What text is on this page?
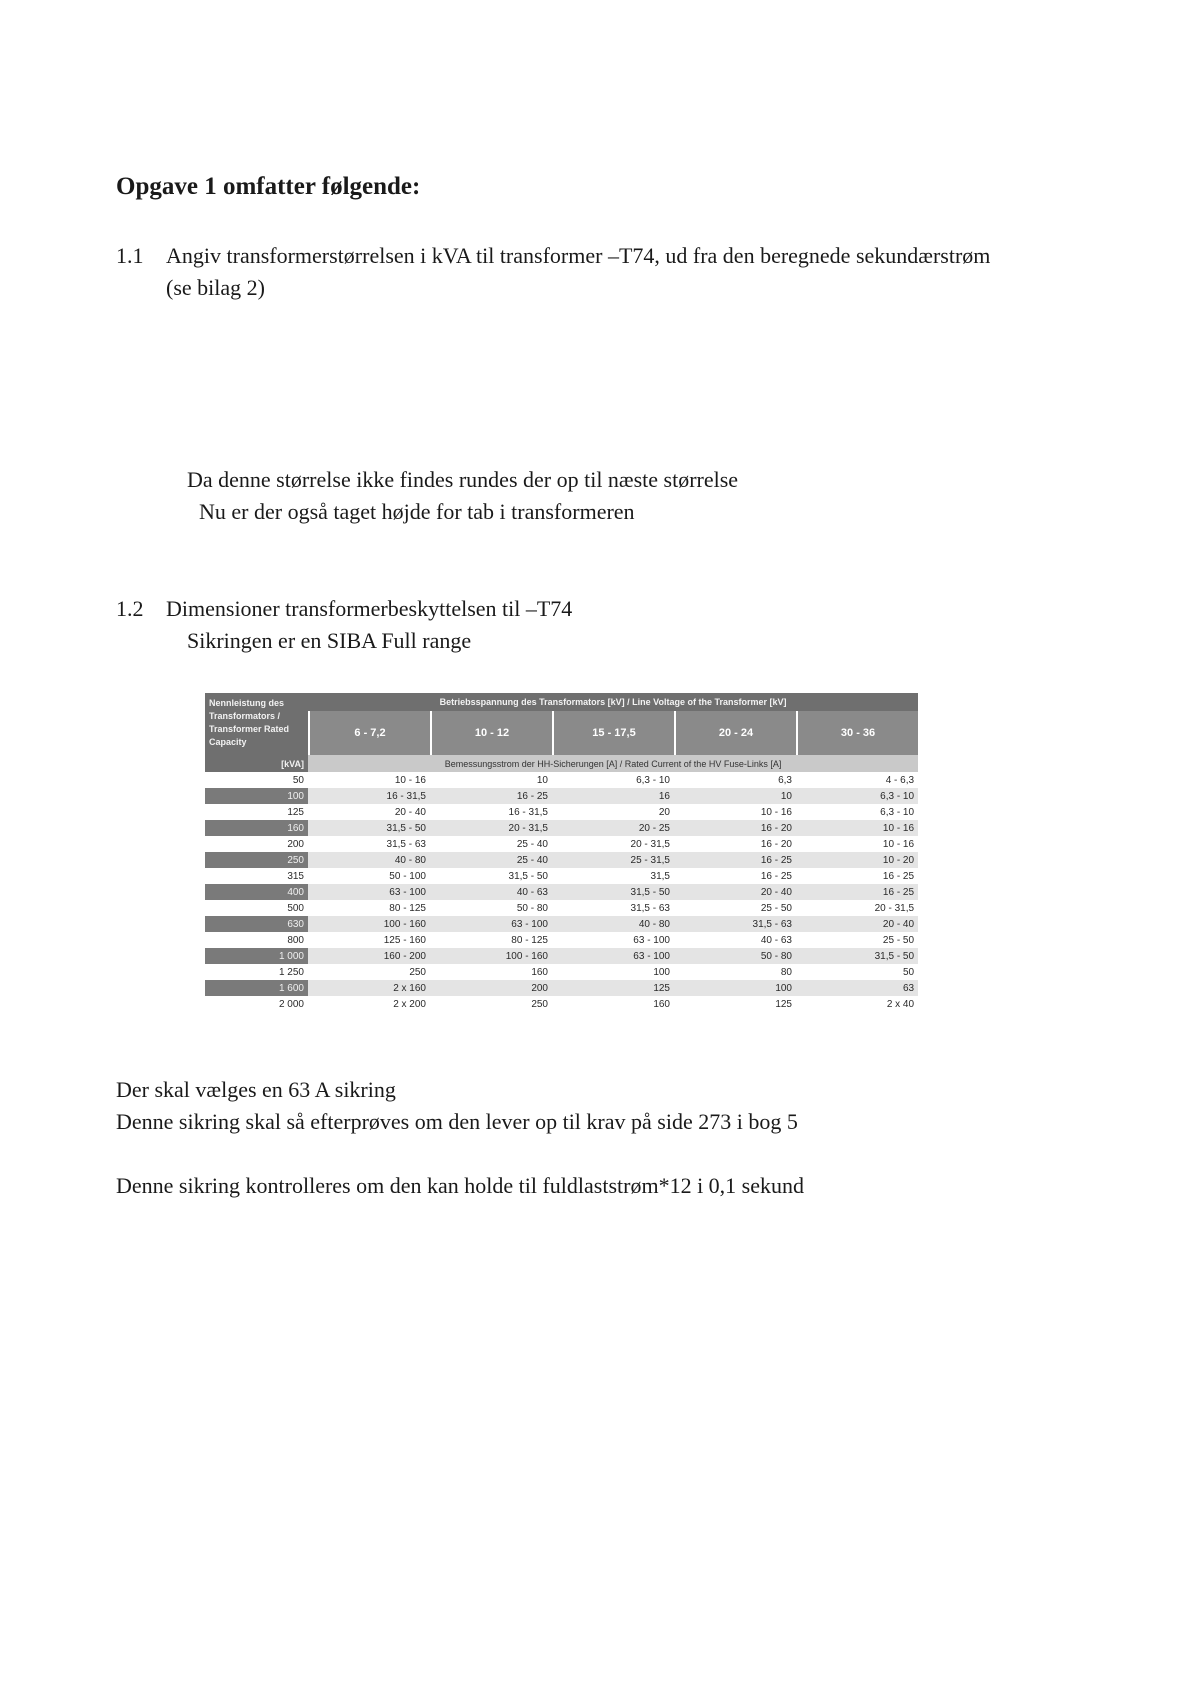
Opgave 1 omfatter følgende:
1.1 Angiv transformerstørrelsen i kVA til transformer –T74, ud fra den beregnede sekundærstrøm
(se bilag 2)
Da denne størrelse ikke findes rundes der op til næste størrelse
Nu er der også taget højde for tab i transformeren
1.2 Dimensioner transformerbeskyttelsen til –T74
Sikringen er en SIBA Full range
Nennleistung des Transformators / Transformer Rated Capacity	Betriebsspannung des Transformators [kV] / Line Voltage of the Transformer [kV]				
	6 - 7,2	10 - 12	15 - 17,5	20 - 24	30 - 36
[kVA]	Bemessungsstrom der HH-Sicherungen [A] / Rated Current of the HV Fuse-Links [A]				
50	10 - 16	10	6,3 - 10	6,3	4 - 6,3
100	16 - 31,5	16 - 25	16	10	6,3 - 10
125	20 - 40	16 - 31,5	20	10 - 16	6,3 - 10
160	31,5 - 50	20 - 31,5	20 - 25	16 - 20	10 - 16
200	31,5 - 63	25 - 40	20 - 31,5	16 - 20	10 - 16
250	40 - 80	25 - 40	25 - 31,5	16 - 25	10 - 20
315	50 - 100	31,5 - 50	31,5	16 - 25	16 - 25
400	63 - 100	40 - 63	31,5 - 50	20 - 40	16 - 25
500	80 - 125	50 - 80	31,5 - 63	25 - 50	20 - 31,5
630	100 - 160	63 - 100	40 - 80	31,5 - 63	20 - 40
800	125 - 160	80 - 125	63 - 100	40 - 63	25 - 50
1 000	160 - 200	100 - 160	63 - 100	50 - 80	31,5 - 50
1 250	250	160	100	80	50
1 600	2 x 160	200	125	100	63
2 000	2 x 200	250	160	125	2 x 40
Der skal vælges en 63 A sikring
Denne sikring skal så efterprøves om den lever op til krav på side 273 i bog 5
Denne sikring kontrolleres om den kan holde til fuldlaststrøm*12 i 0,1 sekund
